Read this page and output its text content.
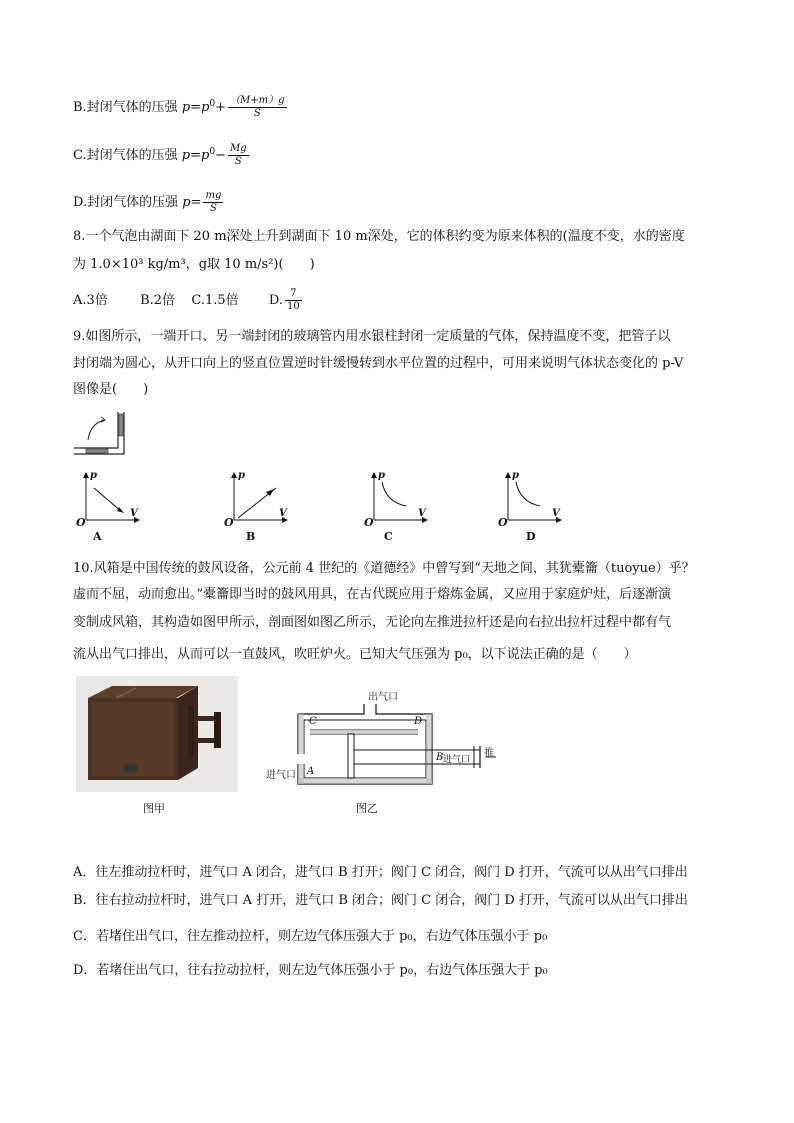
B.封闭气体的压强 $p=p^0+ \frac{(M+m)g}{S}$
C.封闭气体的压强 $p=p^0- \frac{Mg}{S}$
D.封闭气体的压强 $p= \frac{mg}{S}$
8.一个气泡由湖面下 20 m深处上升到湖面下 10 m深处，它的体积约变为原来体积的(温度不变，水的密度
为 1.0×10³ kg/m³，g取 10 m/s²)(　　)
A.3倍 B.2倍 C.1.5倍 D. $\frac{7}{10}$
9.如图所示，一端开口、另一端封闭的玻璃管内用水银柱封闭一定质量的气体，保持温度不变，把管子以
封闭端为圆心，从开口向上的竖直位置逆时针缓慢转到水平位置的过程中，可用来说明气体状态变化的 p-V
图像是(　　)
p
V
O
A
p
V
O
B
p
V
O
C
p
V
O
D
10.风箱是中国传统的鼓风设备，公元前 4 世纪的《道德经》中曾写到“天地之间，其犹橐籥（tuoyue）乎？
虚而不屈，动而愈出。”橐籥即当时的鼓风用具，在古代既应用于熔炼金属，又应用于家庭炉灶，后逐渐演
变制成风箱，其构造如图甲所示，剖面图如图乙所示，无论向左推进拉杆还是向右拉出拉杆过程中都有气
流从出气口排出，从而可以一直鼓风，吹旺炉火。已知大气压强为 p₀，以下说法正确的是（　　）
图甲
出气口
C	D
进气口 A
B 进气口
推
图乙
A．往左推动拉杆时，进气口 A 闭合，进气口 B 打开；阀门 C 闭合，阀门 D 打开，气流可以从出气口排出
B．往右拉动拉杆时，进气口 A 打开，进气口 B 闭合；阀门 C 闭合，阀门 D 打开，气流可以从出气口排出
C．若堵住出气口，往左推动拉杆，则左边气体压强大于 p₀，右边气体压强小于 p₀
D．若堵住出气口，往右拉动拉杆，则左边气体压强小于 p₀，右边气体压强大于 p₀
